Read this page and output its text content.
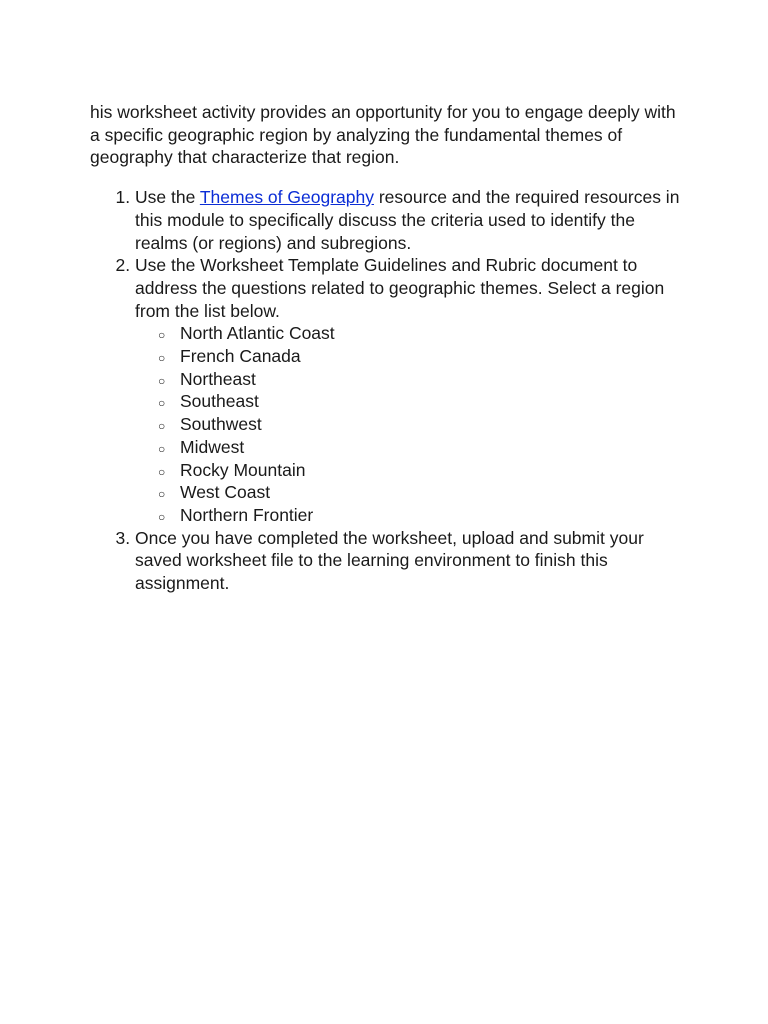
his worksheet activity provides an opportunity for you to engage deeply with a specific geographic region by analyzing the fundamental themes of geography that characterize that region.

1. Use the Themes of Geography resource and the required resources in this module to specifically discuss the criteria used to identify the realms (or regions) and subregions.
2. Use the Worksheet Template Guidelines and Rubric document to address the questions related to geographic themes. Select a region from the list below.
○ North Atlantic Coast
○ French Canada
○ Northeast
○ Southeast
○ Southwest
○ Midwest
○ Rocky Mountain
○ West Coast
○ Northern Frontier
3. Once you have completed the worksheet, upload and submit your saved worksheet file to the learning environment to finish this assignment.
